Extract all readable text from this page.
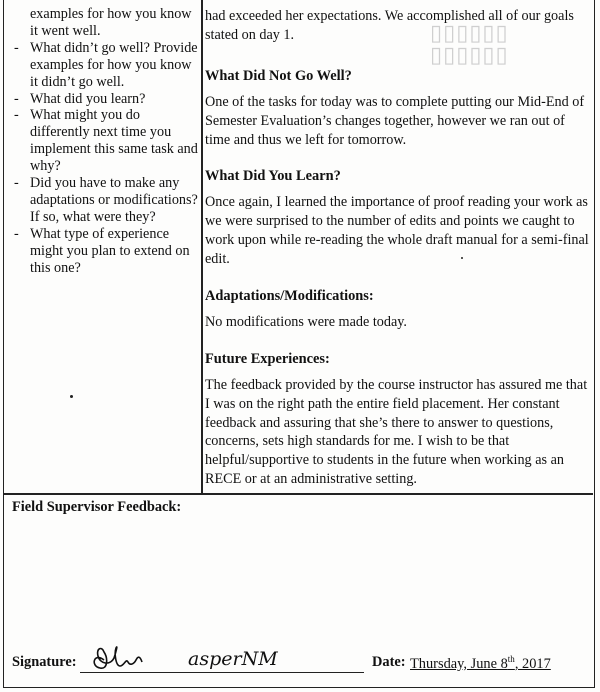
▯▯▯▯▯▯
▯▯▯▯▯▯
examples for how you know it went well.
- What didn’t go well? Provide examples for how you know it didn’t go well.
- What did you learn?
- What might you do differently next time you implement this same task and why?
- Did you have to make any adaptations or modifications? If so, what were they?
- What type of experience might you plan to extend on this one?

had exceeded her expectations. We accomplished all of our goals stated on day 1.

What Did Not Go Well?

One of the tasks for today was to complete putting our Mid-End of Semester Evaluation’s changes together, however we ran out of time and thus we left for tomorrow.

What Did You Learn?

Once again, I learned the importance of proof reading your work as we were surprised to the number of edits and points we caught to work upon while re-reading the whole draft manual for a semi-final edit.

Adaptations/Modifications:

No modifications were made today.

Future Experiences:

The feedback provided by the course instructor has assured me that I was on the right path the entire field placement. Her constant feedback and assuring that she’s there to answer to questions, concerns, sets high standards for me. I wish to be that helpful/supportive to students in the future when working as an RECE or at an administrative setting.

Field Supervisor Feedback:
Signature:	asperNM	Date: Thursday, June 8th, 2017
